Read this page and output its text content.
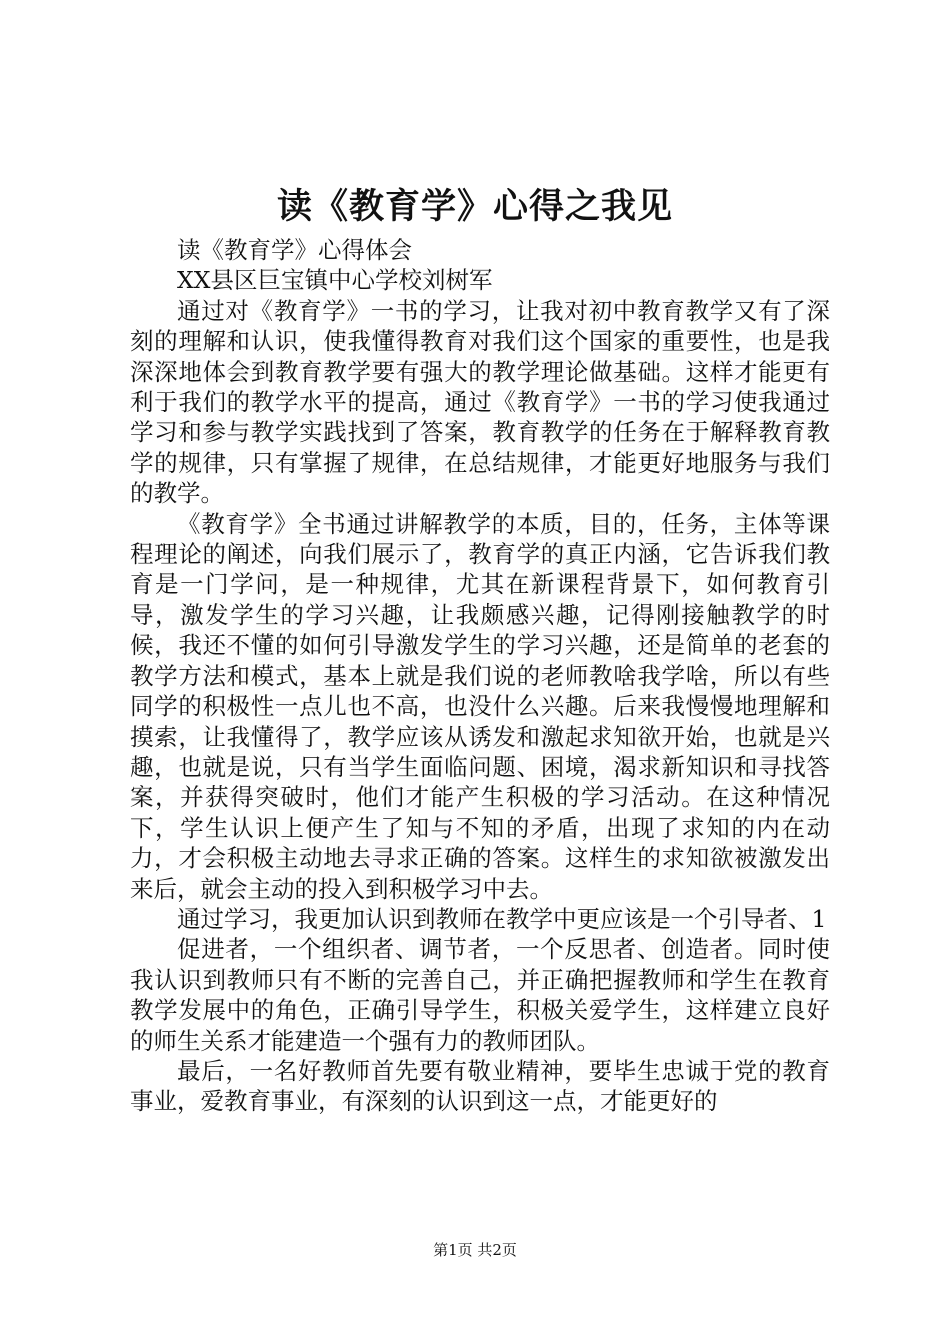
读《教育学》心得之我见

读《教育学》心得体会

XX县区巨宝镇中心学校刘树军

通过对《教育学》一书的学习，让我对初中教育教学又有了深刻的理解和认识，使我懂得教育对我们这个国家的重要性，也是我深深地体会到教育教学要有强大的教学理论做基础。这样才能更有利于我们的教学水平的提高，通过《教育学》一书的学习使我通过学习和参与教学实践找到了答案，教育教学的任务在于解释教育教学的规律，只有掌握了规律，在总结规律，才能更好地服务与我们的教学。

《教育学》全书通过讲解教学的本质，目的，任务，主体等课程理论的阐述，向我们展示了，教育学的真正内涵，它告诉我们教育是一门学问，是一种规律，尤其在新课程背景下，如何教育引导，激发学生的学习兴趣，让我颇感兴趣，记得刚接触教学的时候，我还不懂的如何引导激发学生的学习兴趣，还是简单的老套的教学方法和模式，基本上就是我们说的老师教啥我学啥，所以有些同学的积极性一点儿也不高，也没什么兴趣。后来我慢慢地理解和摸索，让我懂得了，教学应该从诱发和激起求知欲开始，也就是兴趣，也就是说，只有当学生面临问题、困境，渴求新知识和寻找答案，并获得突破时，他们才能产生积极的学习活动。在这种情况下，学生认识上便产生了知与不知的矛盾，出现了求知的内在动力，才会积极主动地去寻求正确的答案。这样生的求知欲被激发出来后，就会主动的投入到积极学习中去。

通过学习，我更加认识到教师在教学中更应该是一个引导者、1

促进者，一个组织者、调节者，一个反思者、创造者。同时使我认识到教师只有不断的完善自己，并正确把握教师和学生在教育教学发展中的角色，正确引导学生，积极关爱学生，这样建立良好的师生关系才能建造一个强有力的教师团队。

最后，一名好教师首先要有敬业精神，要毕生忠诚于党的教育事业，爱教育事业，有深刻的认识到这一点，才能更好的

第1页 共2页
